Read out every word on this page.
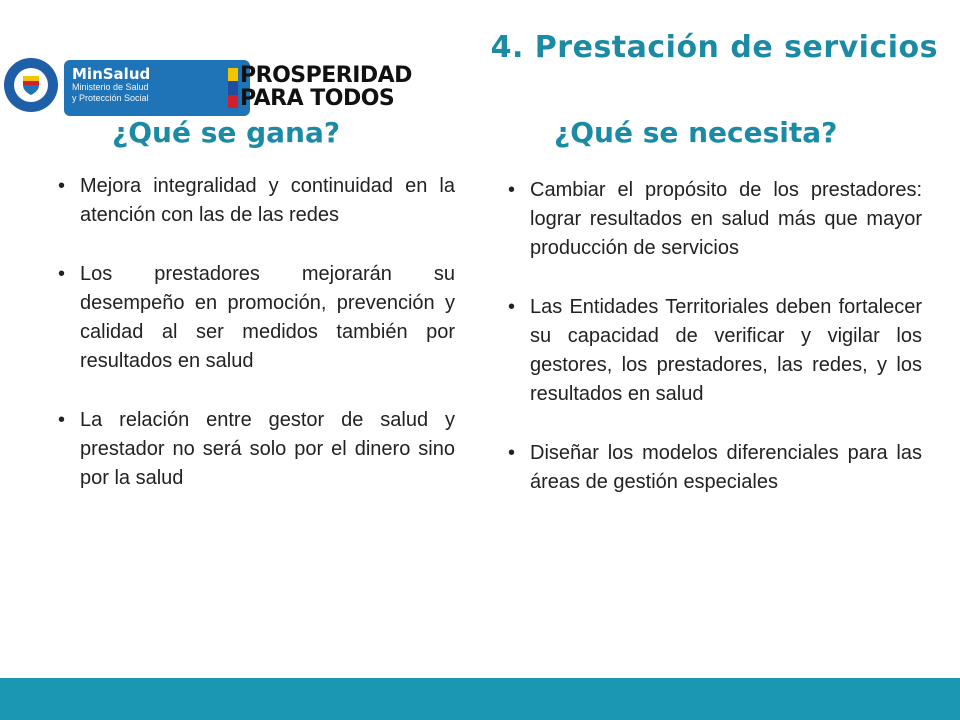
4. Prestación de servicios
MinSalud
Ministerio de Salud
y Protección Social
PROSPERIDAD
PARA TODOS
¿Qué se gana?	¿Qué se necesita?
• Mejora integralidad y continuidad en la atención con las de las redes
• Los prestadores mejorarán su desempeño en promoción, prevención y calidad al ser medidos también por resultados en salud
• La relación entre gestor de salud y prestador no será solo por el dinero sino por la salud
• Cambiar el propósito de los prestadores: lograr resultados en salud más que mayor producción de servicios
• Las Entidades Territoriales deben fortalecer su capacidad de verificar y vigilar los gestores, los prestadores, las redes, y los resultados en salud
• Diseñar los modelos diferenciales para las áreas de gestión especiales
